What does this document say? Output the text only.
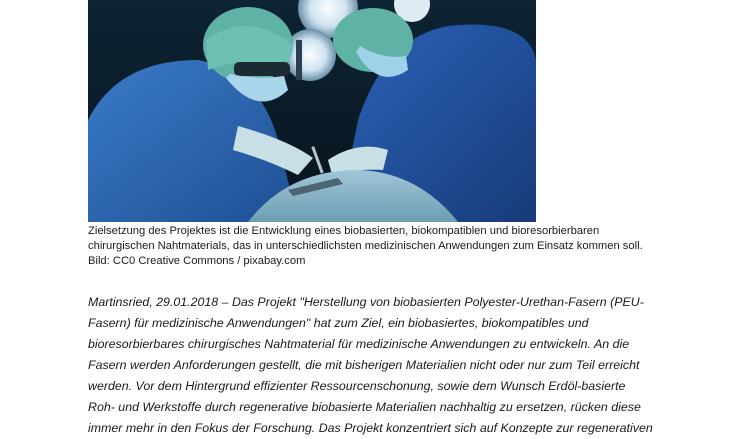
Zielsetzung des Projektes ist die Entwicklung eines biobasierten, biokompatiblen und bioresorbierbaren
chirurgischen Nahtmaterials, das in unterschiedlichsten medizinischen Anwendungen zum Einsatz kommen soll.
Bild: CC0 Creative Commons / pixabay.com
Martinsried, 29.01.2018 – Das Projekt "Herstellung von biobasierten Polyester-Urethan-Fasern (PEU-
Fasern) für medizinische Anwendungen" hat zum Ziel, ein biobasiertes, biokompatibles und
bioresorbierbares chirurgisches Nahtmaterial für medizinische Anwendungen zu entwickeln. An die
Fasern werden Anforderungen gestellt, die mit bisherigen Materialien nicht oder nur zum Teil erreicht
werden. Vor dem Hintergrund effizienter Ressourcenschonung, sowie dem Wunsch Erdöl-basierte
Roh- und Werkstoffe durch regenerative biobasierte Materialien nachhaltig zu ersetzen, rücken diese
immer mehr in den Fokus der Forschung. Das Projekt konzentriert sich auf Konzepte zur regenerativen
